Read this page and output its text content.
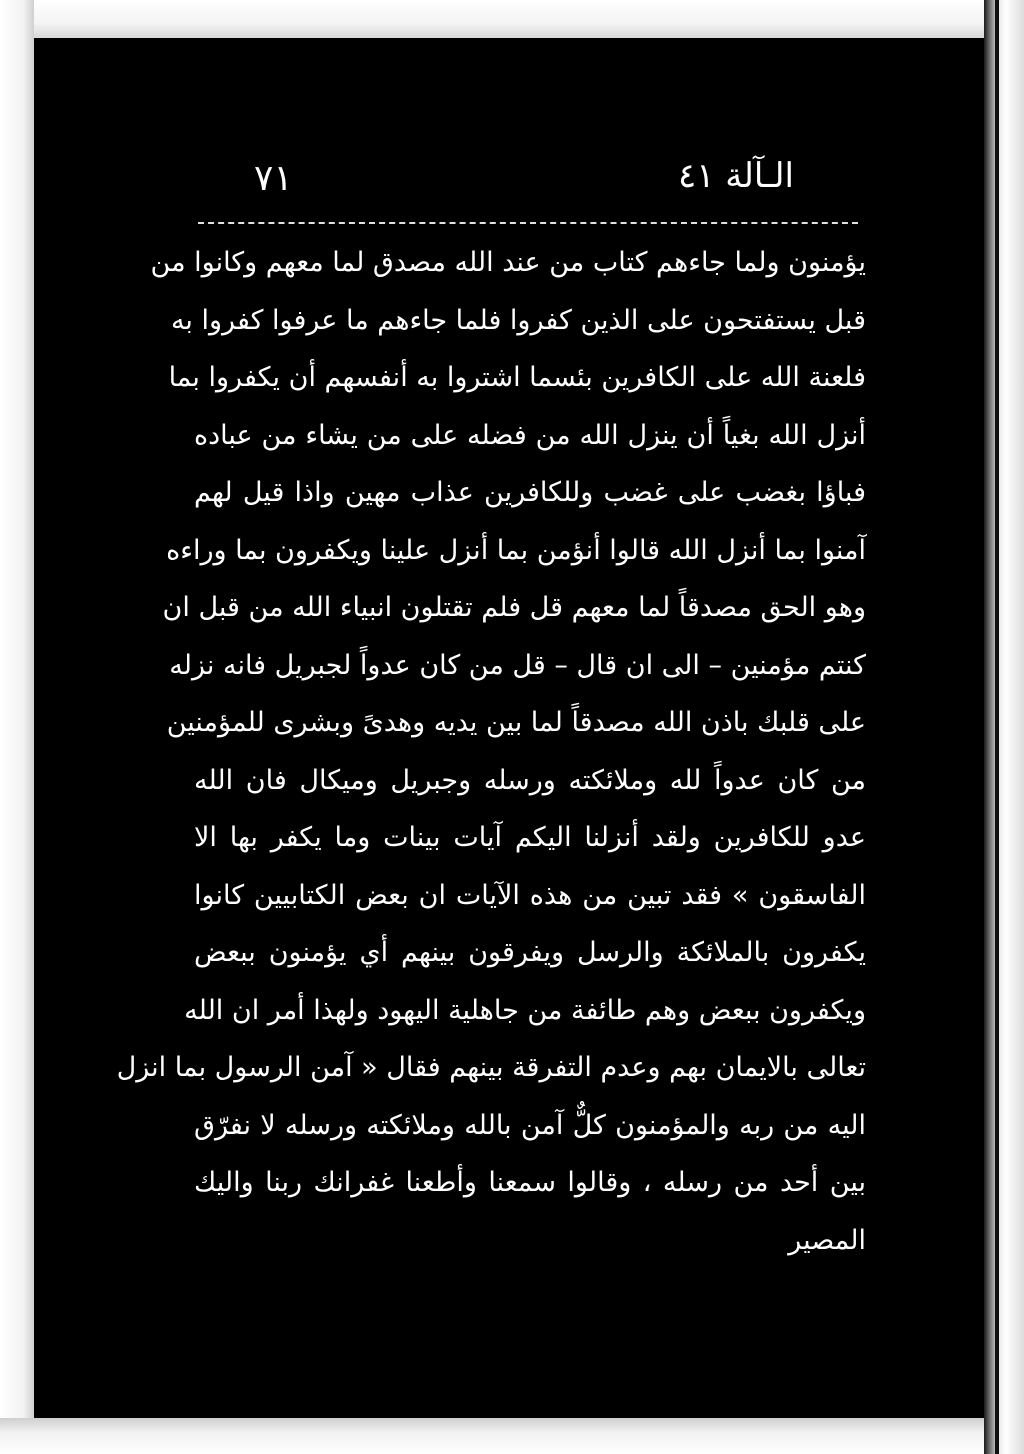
٧١	الـآلة ٤١
يؤمنون ولما جاءهم كتاب من عند الله مصدق لما معهم وكانوا من
قبل يستفتحون على الذين كفروا فلما جاءهم ما عرفوا كفروا به
فلعنة الله على الكافرين بئسما اشتروا به أنفسهم أن يكفروا بما
أنزل الله بغياً أن ينزل الله من فضله على من يشاء من عباده
فباؤا بغضب على غضب وللكافرين عذاب مهين واذا قيل لهم
آمنوا بما أنزل الله قالوا أنؤمن بما أنزل علينا ويكفرون بما وراءه
وهو الحق مصدقاً لما معهم قل فلم تقتلون انبياء الله من قبل ان
كنتم مؤمنين – الى ان قال – قل من كان عدواً لجبريل فانه نزله
على قلبك باذن الله مصدقاً لما بين يديه وهدىً وبشرى للمؤمنين
من كان عدواً لله وملائكته ورسله وجبريل وميكال فان الله
عدو للكافرين ولقد أنزلنا اليكم آيات بينات وما يكفر بها الا
الفاسقون » فقد تبين من هذه الآيات ان بعض الكتابيين كانوا
يكفرون بالملائكة والرسل ويفرقون بينهم أي يؤمنون ببعض
ويكفرون ببعض وهم طائفة من جاهلية اليهود ولهذا أمر ان الله
تعالى بالايمان بهم وعدم التفرقة بينهم فقال « آمن الرسول بما انزل
اليه من ربه والمؤمنون كلٌّ آمن بالله وملائكته ورسله لا نفرّق
بين أحد من رسله ، وقالوا سمعنا وأطعنا غفرانك ربنا واليك
المصير
